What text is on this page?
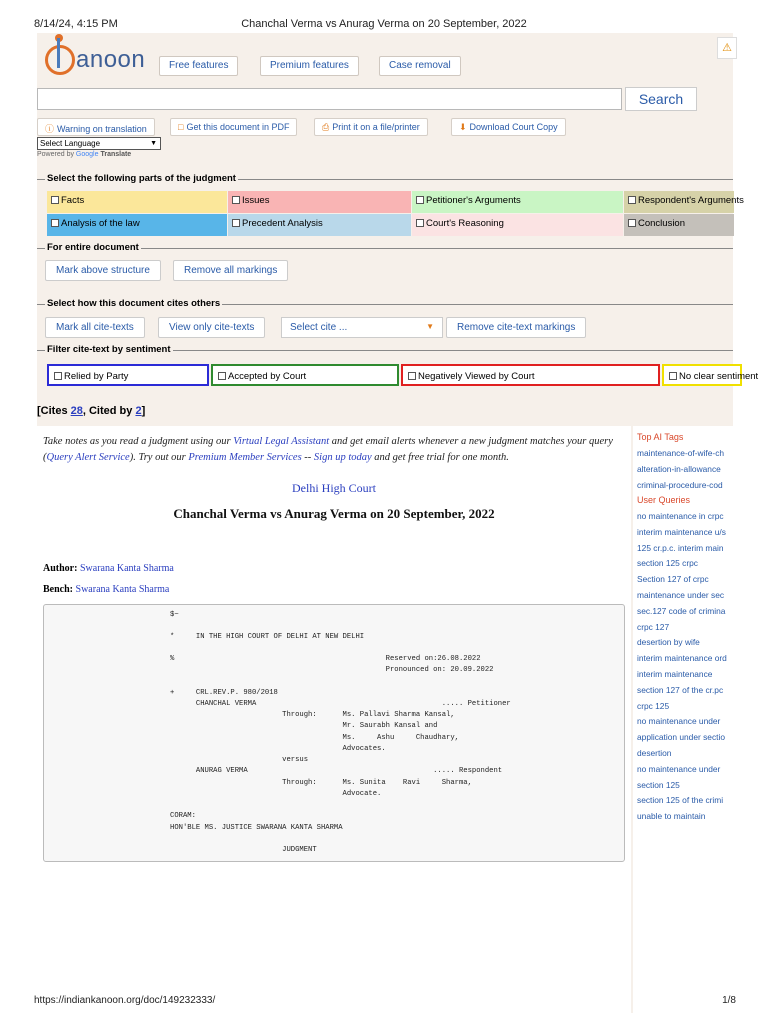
8/14/24, 4:15 PM	Chanchal Verma vs Anurag Verma on 20 September, 2022
anoon	Free features	Premium features	Case removal
⚠
Search
ⓘ Warning on translation	□ Get this document in PDF	⎙ Print it on a file/printer	⬇ Download Court Copy
Select Language	▼
Powered by Google Translate
Select the following parts of the judgment
Facts	Issues	Petitioner's Arguments	Respondent's Arguments
Analysis of the law	Precedent Analysis	Court's Reasoning	Conclusion
For entire document
Mark above structure	Remove all markings
Select how this document cites others
Mark all cite-texts	View only cite-texts	Select cite ...	▼	Remove cite-text markings
Filter cite-text by sentiment
Relied by Party	Accepted by Court	Negatively Viewed by Court	No clear sentiment
[Cites 28, Cited by 2]
Take notes as you read a judgment using our Virtual Legal Assistant and get email alerts whenever a new judgment matches your query (Query Alert Service). Try out our Premium Member Services -- Sign up today and get free trial for one month.
Delhi High Court
Chanchal Verma vs Anurag Verma on 20 September, 2022
Author: Swarana Kanta Sharma
Bench: Swarana Kanta Sharma
$~
*     IN THE HIGH COURT OF DELHI AT NEW DELHI
%                                                 Reserved on:26.08.2022
Pronounced on: 20.09.2022
+     CRL.REV.P. 980/2018
CHANCHAL VERMA                                           ..... Petitioner
Through:      Ms. Pallavi Sharma Kansal,
Mr. Saurabh Kansal and
Ms.     Ashu     Chaudhary,
Advocates.
versus
ANURAG VERMA                                           ..... Respondent
Through:      Ms. Sunita    Ravi     Sharma,
Advocate.
CORAM:
HON'BLE MS. JUSTICE SWARANA KANTA SHARMA
JUDGMENT
Top AI Tags
maintenance-of-wife-ch
alteration-in-allowance
criminal-procedure-cod
User Queries
no maintenance in crpc
interim maintenance u/s
125 cr.p.c. interim main
section 125 crpc
Section 127 of crpc
maintenance under sec
sec.127 code of crimina
crpc 127
desertion by wife
interim maintenance ord
interim maintenance
section 127 of the cr.pc
crpc 125
no maintenance under
application under sectio
desertion
no maintenance under
section 125
section 125 of the crimi
unable to maintain
https://indiankanoon.org/doc/149232333/	1/8
